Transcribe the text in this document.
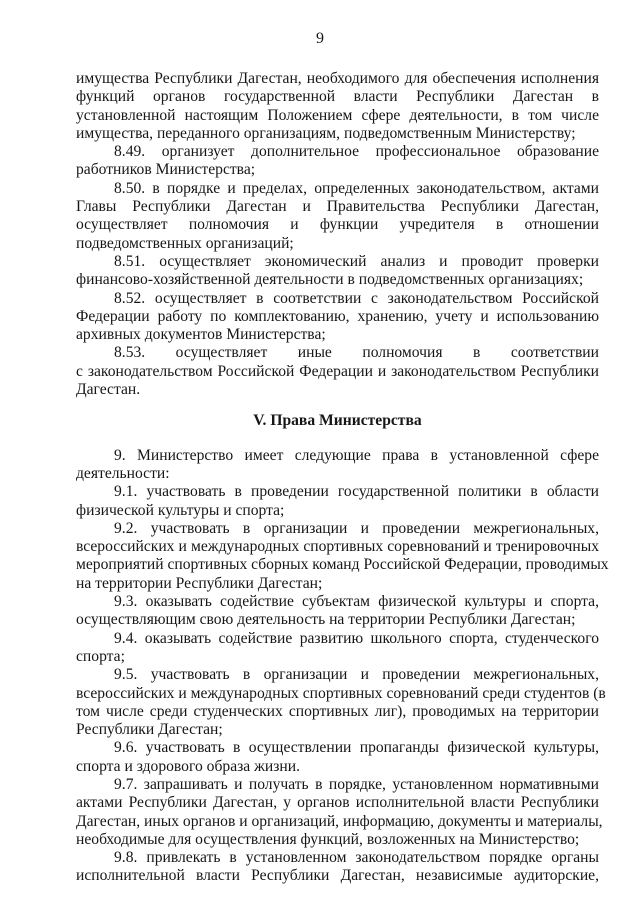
9
имущества Республики Дагестан, необходимого для обеспечения исполнения
функций органов государственной власти Республики Дагестан в
установленной настоящим Положением сфере деятельности, в том числе
имущества, переданного организациям, подведомственным Министерству;
8.49. организует дополнительное профессиональное образование
работников Министерства;
8.50. в порядке и пределах, определенных законодательством, актами
Главы Республики Дагестан и Правительства Республики Дагестан,
осуществляет полномочия и функции учредителя в отношении
подведомственных организаций;
8.51. осуществляет экономический анализ и проводит проверки
финансово-хозяйственной деятельности в подведомственных организациях;
8.52. осуществляет в соответствии с законодательством Российской
Федерации работу по комплектованию, хранению, учету и использованию
архивных документов Министерства;
8.53. осуществляет иные полномочия в соответствии
с законодательством Российской Федерации и законодательством Республики
Дагестан.
V. Права Министерства
9. Министерство имеет следующие права в установленной сфере
деятельности:
9.1. участвовать в проведении государственной политики в области
физической культуры и спорта;
9.2. участвовать в организации и проведении межрегиональных,
всероссийских и международных спортивных соревнований и тренировочных
мероприятий спортивных сборных команд Российской Федерации, проводимых
на территории Республики Дагестан;
9.3. оказывать содействие субъектам физической культуры и спорта,
осуществляющим свою деятельность на территории Республики Дагестан;
9.4. оказывать содействие развитию школьного спорта, студенческого
спорта;
9.5. участвовать в организации и проведении межрегиональных,
всероссийских и международных спортивных соревнований среди студентов (в
том числе среди студенческих спортивных лиг), проводимых на территории
Республики Дагестан;
9.6. участвовать в осуществлении пропаганды физической культуры,
спорта и здорового образа жизни.
9.7. запрашивать и получать в порядке, установленном нормативными
актами Республики Дагестан, у органов исполнительной власти Республики
Дагестан, иных органов и организаций, информацию, документы и материалы,
необходимые для осуществления функций, возложенных на Министерство;
9.8. привлекать в установленном законодательством порядке органы
исполнительной власти Республики Дагестан, независимые аудиторские,
